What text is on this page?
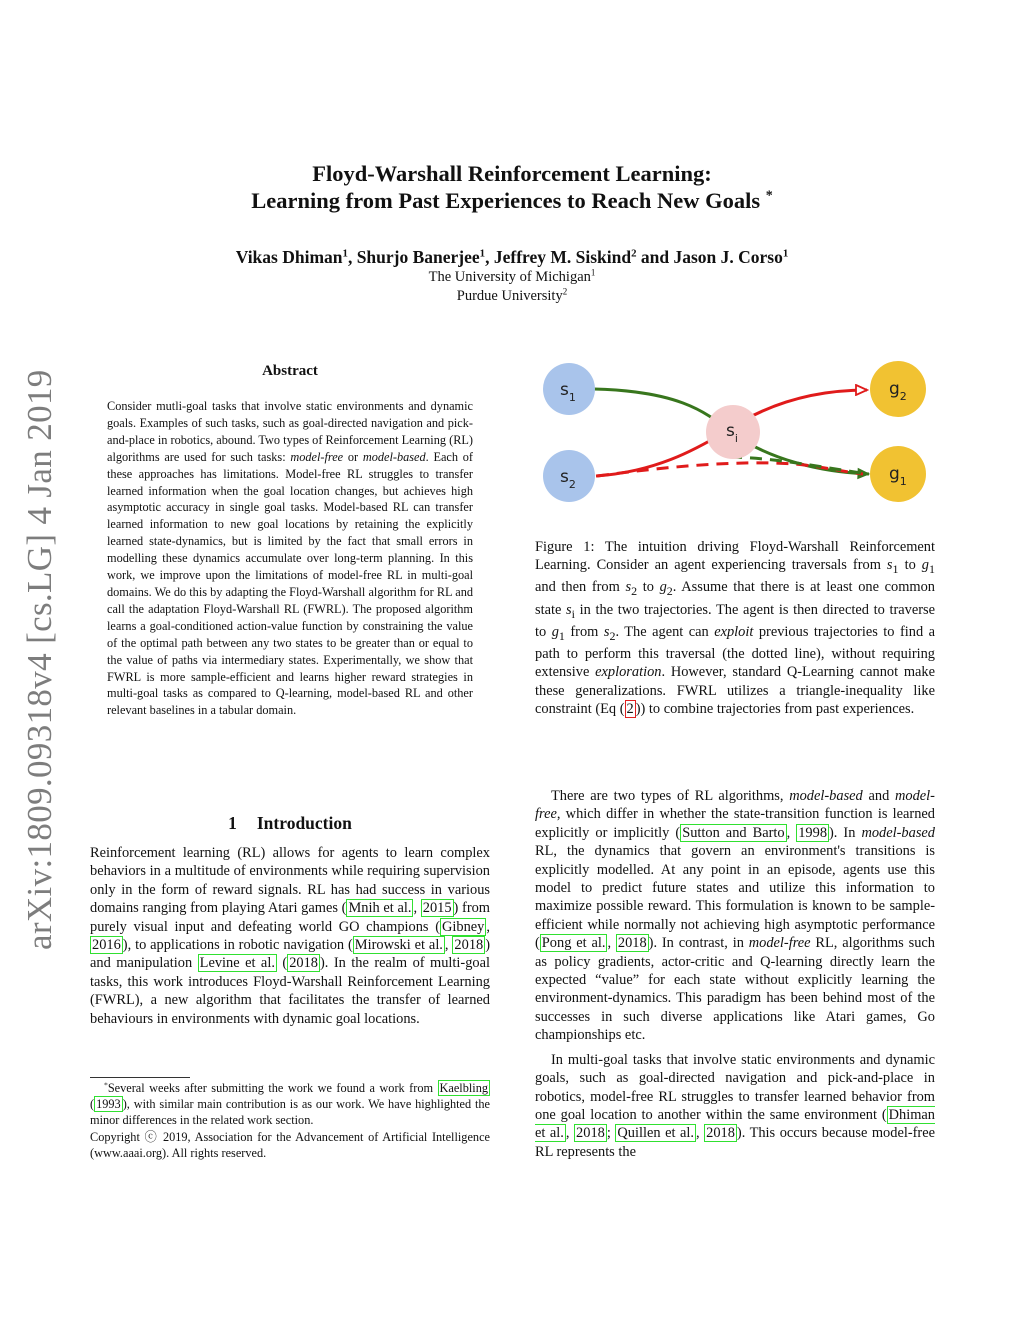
arXiv:1809.09318v4 [cs.LG] 4 Jan 2019
Floyd-Warshall Reinforcement Learning:
Learning from Past Experiences to Reach New Goals *
Vikas Dhiman$^1$, Shurjo Banerjee$^1$, Jeffrey M. Siskind$^2$ and Jason J. Corso$^1$
The University of Michigan$^1$
Purdue University$^2$
Abstract
Consider mutli-goal tasks that involve static environments and dynamic goals. Examples of such tasks, such as goal-directed navigation and pick-and-place in robotics, abound. Two types of Reinforcement Learning (RL) algorithms are used for such tasks: model-free or model-based. Each of these approaches has limitations. Model-free RL struggles to transfer learned information when the goal location changes, but achieves high asymptotic accuracy in single goal tasks. Model-based RL can transfer learned information to new goal locations by retaining the explicitly learned state-dynamics, but is limited by the fact that small errors in modelling these dynamics accumulate over long-term planning. In this work, we improve upon the limitations of model-free RL in multi-goal domains. We do this by adapting the Floyd-Warshall algorithm for RL and call the adaptation Floyd-Warshall RL (FWRL). The proposed algorithm learns a goal-conditioned action-value function by constraining the value of the optimal path between any two states to be greater than or equal to the value of paths via intermediary states. Experimentally, we show that FWRL is more sample-efficient and learns higher reward strategies in multi-goal tasks as compared to Q-learning, model-based RL and other relevant baselines in a tabular domain.
1 Introduction
Reinforcement learning (RL) allows for agents to learn complex behaviors in a multitude of environments while requiring supervision only in the form of reward signals. RL has had success in various domains ranging from playing Atari games ( Mnih et al. , 2015 ) from purely visual input and defeating world GO champions ( Gibney , 2016 ), to applications in robotic navigation ( Mirowski et al. , 2018 ) and manipulation Levine et al. ( 2018 ). In the realm of multi-goal tasks, this work introduces Floyd-Warshall Reinforcement Learning (FWRL), a new algorithm that facilitates the transfer of learned behaviours in environments with dynamic goal locations.
*Several weeks after submitting the work we found a work from Kaelbling ( 1993 ), with similar main contribution is as our work. We have highlighted the minor differences in the related work section.
Copyright ⓒ 2019, Association for the Advancement of Artificial Intelligence (www.aaai.org). All rights reserved.
$s_1$
$s_2$
$s_i$
$g_2$
$g_1$
Figure 1: The intuition driving Floyd-Warshall Reinforcement Learning. Consider an agent experiencing traversals from $s_1$ to $g_1$ and then from $s_2$ to $g_2$. Assume that there is at least one common state $s_i$ in the two trajectories. The agent is then directed to traverse to $g_1$ from $s_2$. The agent can exploit previous trajectories to find a path to perform this traversal (the dotted line), without requiring extensive exploration. However, standard Q-Learning cannot make these generalizations. FWRL utilizes a triangle-inequality like constraint (Eq ( 2 )) to combine trajectories from past experiences.

There are two types of RL algorithms, model-based and model-free, which differ in whether the state-transition function is learned explicitly or implicitly ( Sutton and Barto , 1998 ). In model-based RL, the dynamics that govern an environment's transitions is explicitly modelled. At any point in an episode, agents use this model to predict future states and utilize this information to maximize possible reward. This formulation is known to be sample-efficient while normally not achieving high asymptotic performance ( Pong et al. , 2018 ). In contrast, in model-free RL, algorithms such as policy gradients, actor-critic and Q-learning directly learn the expected “value” for each state without explicitly learning the environment-dynamics. This paradigm has been behind most of the successes in such diverse applications like Atari games, Go championships etc.

In multi-goal tasks that involve static environments and dynamic goals, such as goal-directed navigation and pick-and-place in robotics, model-free RL struggles to transfer learned behavior from one goal location to another within the same environment ( Dhiman et al. , 2018 ; Quillen et al. , 2018 ). This occurs because model-free RL represents the
